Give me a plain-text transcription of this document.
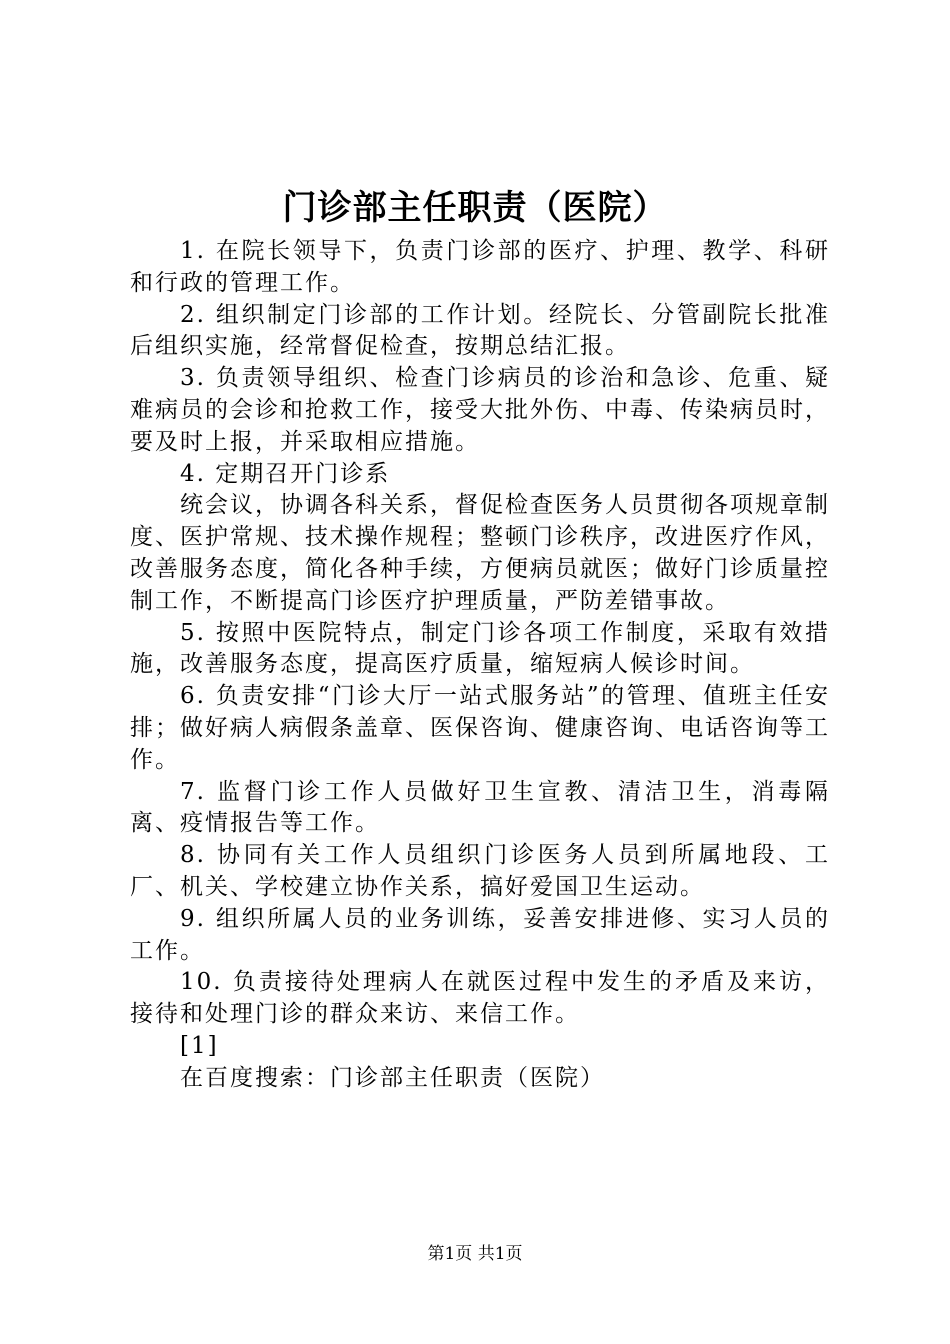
门诊部主任职责（医院）

1. 在院长领导下，负责门诊部的医疗、护理、教学、科研和行政的管理工作。

2. 组织制定门诊部的工作计划。经院长、分管副院长批准后组织实施，经常督促检查，按期总结汇报。

3. 负责领导组织、检查门诊病员的诊治和急诊、危重、疑难病员的会诊和抢救工作，接受大批外伤、中毒、传染病员时，要及时上报，并采取相应措施。

4. 定期召开门诊系

统会议，协调各科关系，督促检查医务人员贯彻各项规章制度、医护常规、技术操作规程；整顿门诊秩序，改进医疗作风，改善服务态度，简化各种手续，方便病员就医；做好门诊质量控制工作，不断提高门诊医疗护理质量，严防差错事故。

5. 按照中医院特点，制定门诊各项工作制度，采取有效措施，改善服务态度，提高医疗质量，缩短病人候诊时间。

6. 负责安排“门诊大厅一站式服务站”的管理、值班主任安排；做好病人病假条盖章、医保咨询、健康咨询、电话咨询等工作。

7. 监督门诊工作人员做好卫生宣教、清洁卫生，消毒隔离、疫情报告等工作。

8. 协同有关工作人员组织门诊医务人员到所属地段、工厂、机关、学校建立协作关系，搞好爱国卫生运动。

9. 组织所属人员的业务训练，妥善安排进修、实习人员的工作。

10. 负责接待处理病人在就医过程中发生的矛盾及来访，接待和处理门诊的群众来访、来信工作。

[1]

在百度搜索：门诊部主任职责（医院）

第1页 共1页
